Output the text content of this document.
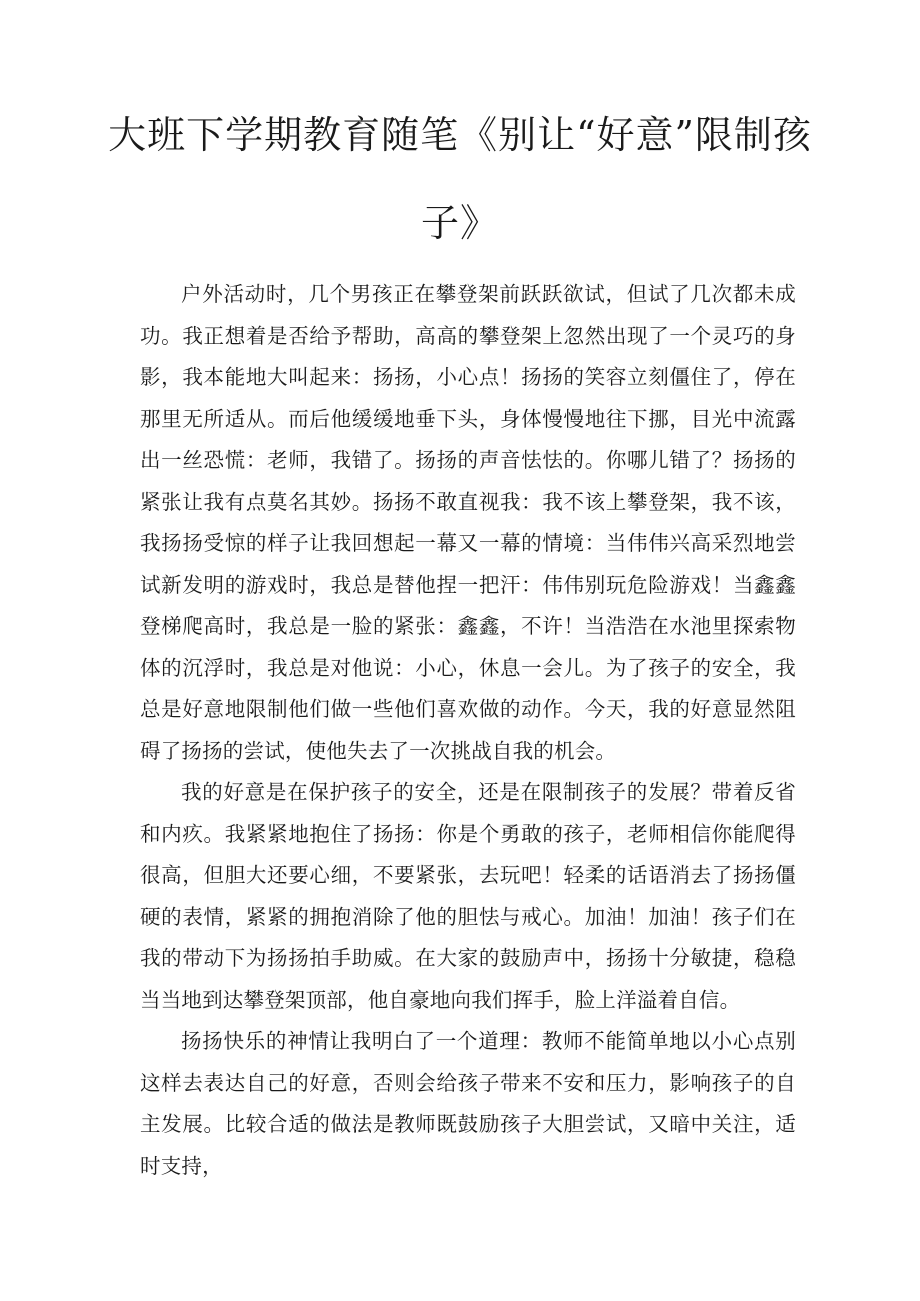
大班下学期教育随笔《别让“好意”限制孩
子》

户外活动时，几个男孩正在攀登架前跃跃欲试，但试了几次都未成功。我正想着是否给予帮助，高高的攀登架上忽然出现了一个灵巧的身影，我本能地大叫起来：扬扬，小心点！扬扬的笑容立刻僵住了，停在那里无所适从。而后他缓缓地垂下头，身体慢慢地往下挪，目光中流露出一丝恐慌：老师，我错了。扬扬的声音怯怯的。你哪儿错了？扬扬的紧张让我有点莫名其妙。扬扬不敢直视我：我不该上攀登架，我不该，我扬扬受惊的样子让我回想起一幕又一幕的情境：当伟伟兴高采烈地尝试新发明的游戏时，我总是替他捏一把汗：伟伟别玩危险游戏！当鑫鑫登梯爬高时，我总是一脸的紧张：鑫鑫，不许！当浩浩在水池里探索物体的沉浮时，我总是对他说：小心，休息一会儿。为了孩子的安全，我总是好意地限制他们做一些他们喜欢做的动作。今天，我的好意显然阻碍了扬扬的尝试，使他失去了一次挑战自我的机会。

我的好意是在保护孩子的安全，还是在限制孩子的发展？带着反省和内疚。我紧紧地抱住了扬扬：你是个勇敢的孩子，老师相信你能爬得很高，但胆大还要心细，不要紧张，去玩吧！轻柔的话语消去了扬扬僵硬的表情，紧紧的拥抱消除了他的胆怯与戒心。加油！加油！孩子们在我的带动下为扬扬拍手助威。在大家的鼓励声中，扬扬十分敏捷，稳稳当当地到达攀登架顶部，他自豪地向我们挥手，脸上洋溢着自信。

扬扬快乐的神情让我明白了一个道理：教师不能简单地以小心点别这样去表达自己的好意，否则会给孩子带来不安和压力，影响孩子的自主发展。比较合适的做法是教师既鼓励孩子大胆尝试，又暗中关注，适时支持，
